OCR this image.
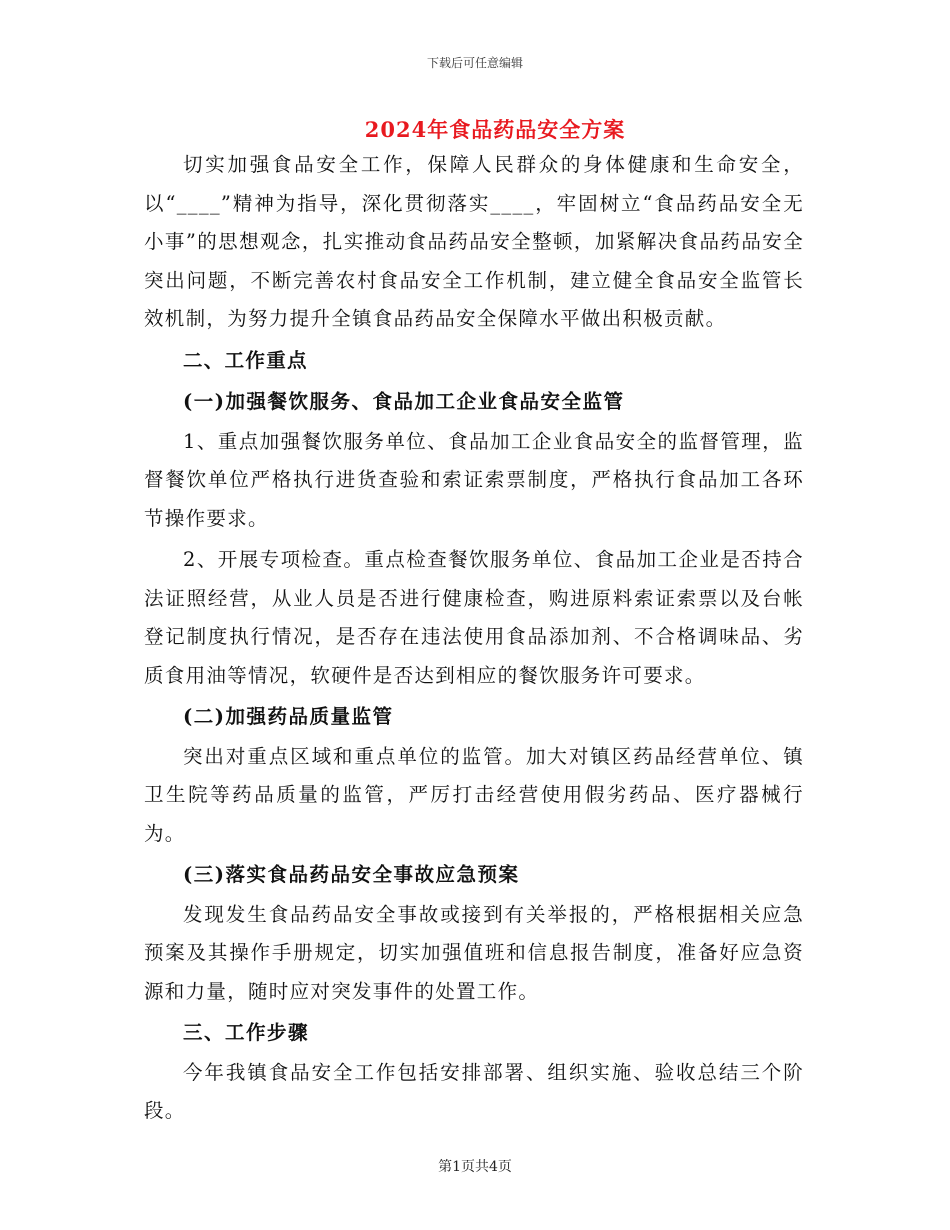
下载后可任意编辑
2024年食品药品安全方案

切实加强食品安全工作，保障人民群众的身体健康和生命安全，以“____”精神为指导，深化贯彻落实____，牢固树立“食品药品安全无小事”的思想观念，扎实推动食品药品安全整顿，加紧解决食品药品安全突出问题，不断完善农村食品安全工作机制，建立健全食品安全监管长效机制，为努力提升全镇食品药品安全保障水平做出积极贡献。

二、工作重点

(一)加强餐饮服务、食品加工企业食品安全监管

1、重点加强餐饮服务单位、食品加工企业食品安全的监督管理，监督餐饮单位严格执行进货查验和索证索票制度，严格执行食品加工各环节操作要求。

2、开展专项检查。重点检查餐饮服务单位、食品加工企业是否持合法证照经营，从业人员是否进行健康检查，购进原料索证索票以及台帐登记制度执行情况，是否存在违法使用食品添加剂、不合格调味品、劣质食用油等情况，软硬件是否达到相应的餐饮服务许可要求。

(二)加强药品质量监管

突出对重点区域和重点单位的监管。加大对镇区药品经营单位、镇卫生院等药品质量的监管，严厉打击经营使用假劣药品、医疗器械行为。

(三)落实食品药品安全事故应急预案

发现发生食品药品安全事故或接到有关举报的，严格根据相关应急预案及其操作手册规定，切实加强值班和信息报告制度，准备好应急资源和力量，随时应对突发事件的处置工作。

三、工作步骤

今年我镇食品安全工作包括安排部署、组织实施、验收总结三个阶段。

第1页共4页
